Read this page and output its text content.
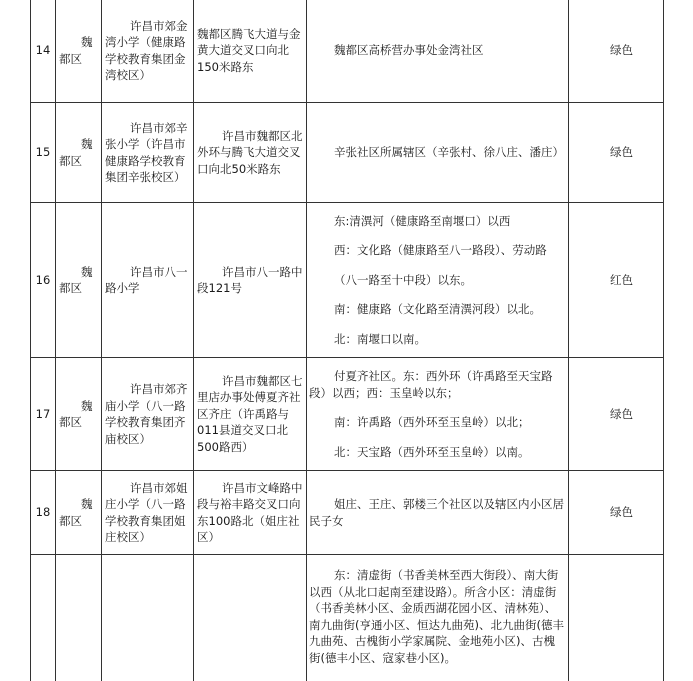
14	魏都区	许昌市郊金湾小学（健康路学校教育集团金湾校区）	魏都区腾飞大道与金黄大道交叉口向北150米路东	魏都区高桥营办事处金湾社区	绿色
15	魏都区	许昌市郊辛张小学（许昌市健康路学校教育集团辛张校区）	许昌市魏都区北外环与腾飞大道交叉口向北50米路东	辛张社区所属辖区（辛张村、徐八庄、潘庄）	绿色
16	魏都区	许昌市八一路小学	许昌市八一路中段121号	东:清潩河（健康路至南堰口）以西
西：文化路（健康路至八一路段）、劳动路
（八一路至十中段）以东。
南：健康路（文化路至清潩河段）以北。
北：南堰口以南。	红色
17	魏都区	许昌市郊齐庙小学（八一路学校教育集团齐庙校区）	许昌市魏都区七里店办事处傅夏齐社区齐庄（许禹路与011县道交叉口北500路西）	付夏齐社区。东：西外环（许禹路至天宝路段）以西；西：玉皇岭以东；
南：许禹路（西外环至玉皇岭）以北；
北：天宝路（西外环至玉皇岭）以南。	绿色
18	魏都区	许昌市郊姐庄小学（八一路学校教育集团姐庄校区）	许昌市文峰路中段与裕丰路交叉口向东100路北（姐庄社区）	姐庄、王庄、郭楼三个社区以及辖区内小区居民子女	绿色
				东：清虚街（书香美林至西大街段）、南大街以西（从北口起南至建设路）。所含小区：清虚街（书香美林小区、金质西湖花园小区、清林苑）、南九曲街(亨通小区、恒达九曲苑)、北九曲街(德丰九曲苑、古槐街小学家属院、金地苑小区)、古槐街(德丰小区、寇家巷小区)。	
